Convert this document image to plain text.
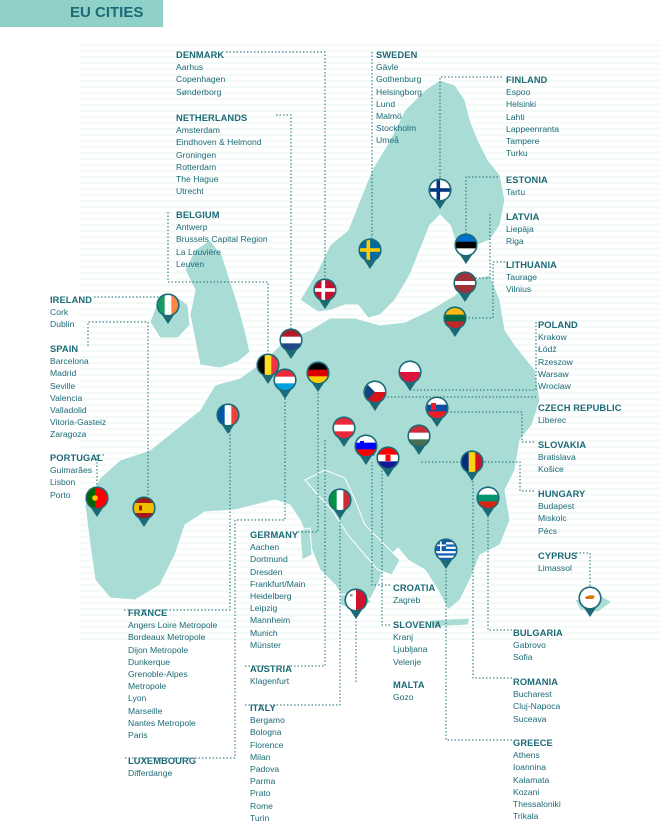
EU CITIES
DENMARK
Aarhus
Copenhagen
Sønderborg
NETHERLANDS
Amsterdam
Eindhoven & Helmond
Groningen
Rotterdam
The Hague
Utrecht
BELGIUM
Antwerp
Brussels Capital Region
La Louvière
Leuven
IRELAND
Cork
Dublin
SPAIN
Barcelona
Madrid
Seville
Valencia
Valladolid
Vitoria-Gasteiz
Zaragoza
PORTUGAL
Guimarães
Lisbon
Porto
FRANCE
Angers Loire Metropole
Bordeaux Metropole
Dijon Metropole
Dunkerque
Grenoble-Alpes
Metropole
Lyon
Marseille
Nantes Metropole
Paris
LUXEMBOURG
Differdange
GERMANY
Aachen
Dortmund
Dresden
Frankfurt/Main
Heidelberg
Leipzig
Mannheim
Munich
Münster
AUSTRIA
Klagenfurt
ITALY
Bergamo
Bologna
Florence
Milan
Padova
Parma
Prato
Rome
Turin
SWEDEN
Gävle
Gothenburg
Helsingborg
Lund
Malmö
Stockholm
Umeå
FINLAND
Espoo
Helsinki
Lahti
Lappeenranta
Tampere
Turku
ESTONIA
Tartu
LATVIA
Liepāja
Riga
LITHUANIA
Taurage
Vilnius
POLAND
Krakow
Łódź
Rzeszow
Warsaw
Wroclaw
CZECH REPUBLIC
Liberec
SLOVAKIA
Bratislava
Košice
HUNGARY
Budapest
Miskolc
Pécs
CYPRUS
Limassol
CROATIA
Zagreb
SLOVENIA
Kranj
Ljubljana
Velenje
MALTA
Gozo
BULGARIA
Gabrovo
Sofia
ROMANIA
Bucharest
Cluj-Napoca
Suceava
GREECE
Athens
Ioannina
Kalamata
Kozani
Thessaloniki
Trikala
